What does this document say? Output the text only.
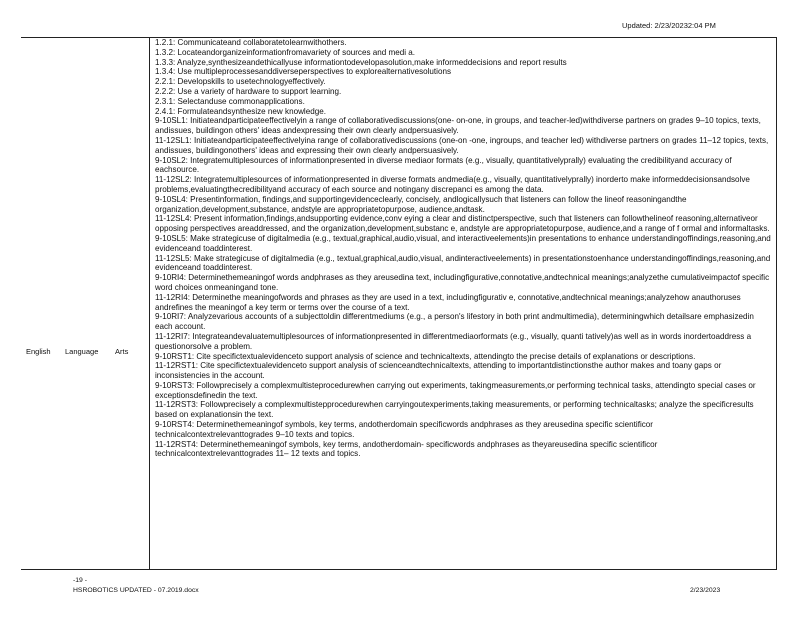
Updated: 2/23/20232:04 PM
English Language Arts
1.2.1: Communicateand collaboratetolearnwithothers.
1.3.2: Locateandorganizeinformationfromavariety of sources and medi a.
1.3.3: Analyze,synthesizeandethicallyuse informationtodevelopasolution,make informeddecisions and report results
1.3.4: Use multipleprocessesanddiverseperspectives to explorealternativesolutions
2.2.1: Developskills to usetechnologyeffectively.
2.2.2: Use a variety of hardware to support learning.
2.3.1: Selectanduse commonapplications.
2.4.1: Formulateandsynthesize new knowledge.
9-10SL1: Initiateandparticipateeffectivelyin a range of collaborativediscussions(one- on-one, in groups, and teacher-led)withdiverse partners on grades 9–10 topics, texts, andissues, buildingon others' ideas andexpressing their own clearly andpersuasively.
11-12SL1: Initiateandparticipateeffectivelyina range of collaborativediscussions (one-on -one, ingroups, and teacher led) withdiverse partners on grades 11–12 topics, texts, andissues, buildingonothers' ideas and expressing their own clearly andpersuasively.
9-10SL2: Integratemultiplesources of informationpresented in diverse mediaor formats (e.g., visually, quantitativelyprally) evaluating the credibilityand accuracy of eachsource.
11-12SL2: Integratemultiplesources of informationpresented in diverse formats andmedia(e.g., visually, quantitativelyprally) inorderto make informeddecisionsandsolve problems,evaluatingthecredibilityand accuracy of each source and notingany discrepanci es among the data.
9-10SL4: Presentinformation, findings,and supportingevidenceclearly, concisely, andlogicallysuch that listeners can follow the lineof reasoningandthe organization,development,substance, andstyle are appropriatetopurpose, audience,andtask.
11-12SL4: Present information,findings,andsupporting evidence,conv eying a clear and distinctperspective, such that listeners can followthelineof reasoning,alternativeor opposing perspectives areaddressed, and the organization,development,substanc e, andstyle are appropriatetopurpose, audience,and a range of f ormal and informaltasks.
9-10SL5: Make strategicuse of digitalmedia (e.g., textual,graphical,audio,visual, and interactiveelements)in presentations to enhance understandingoffindings,reasoning,and evidenceand toaddinterest.
11-12SL5: Make strategicuse of digitalmedia (e.g., textual,graphical,audio,visual, andinteractiveelements) in presentationstoenhance understandingoffindings,reasoning,and evidenceand toaddinterest.
9-10RI4: Determinethemeaningof words andphrases as they areusedina text, includingfigurative,connotative,andtechnical meanings;analyzethe cumulativeimpactof specific word choices onmeaningand tone.
11-12RI4: Determinethe meaningofwords and phrases as they are used in a text, includingfigurativ e, connotative,andtechnical meanings;analyzehow anauthoruses andrefines the meaningof a key term or terms over the course of a text.
9-10RI7: Analyzevarious accounts of a subjecttoldin differentmediums (e.g., a person's lifestory in both print andmultimedia), determiningwhich detailsare emphasizedin each account.
11-12RI7: Integrateandevaluatemultiplesources of informationpresented in differentmediaorformats (e.g., visually, quanti tatively)as well as in words inordertoaddress a questionorsolve a problem.
9-10RST1: Cite specifictextualevidenceto support analysis of science and technicaltexts, attendingto the precise details of explanations or descriptions.
11-12RST1: Cite specifictextualevidenceto support analysis of scienceandtechnicaltexts, attending to importantdistinctionsthe author makes and toany gaps or inconsistencies in the account.
9-10RST3: Followprecisely a complexmultisteprocedurewhen carrying out experiments, takingmeasurements,or performing technical tasks, attendingto special cases or exceptionsdefinedin the text.
11-12RST3: Followprecisely a complexmultistepprocedurewhen carryingoutexperiments,taking measurements, or performing technicaltasks; analyze the specificresults based on explanationsin the text.
9-10RST4: Determinethemeaningof symbols, key terms, andotherdomain specificwords andphrases as they areusedina specific scientificor technicalcontextrelevanttogrades 9–10 texts and topics.
11-12RST4: Determinethemeaningof symbols, key terms, andotherdomain- specificwords andphrases as theyareusedina specific scientificor technicalcontextrelevanttogrades 11– 12 texts and topics.
-19 -
HSROBOTICS UPDATED - 07.2019.docx	2/23/2023
